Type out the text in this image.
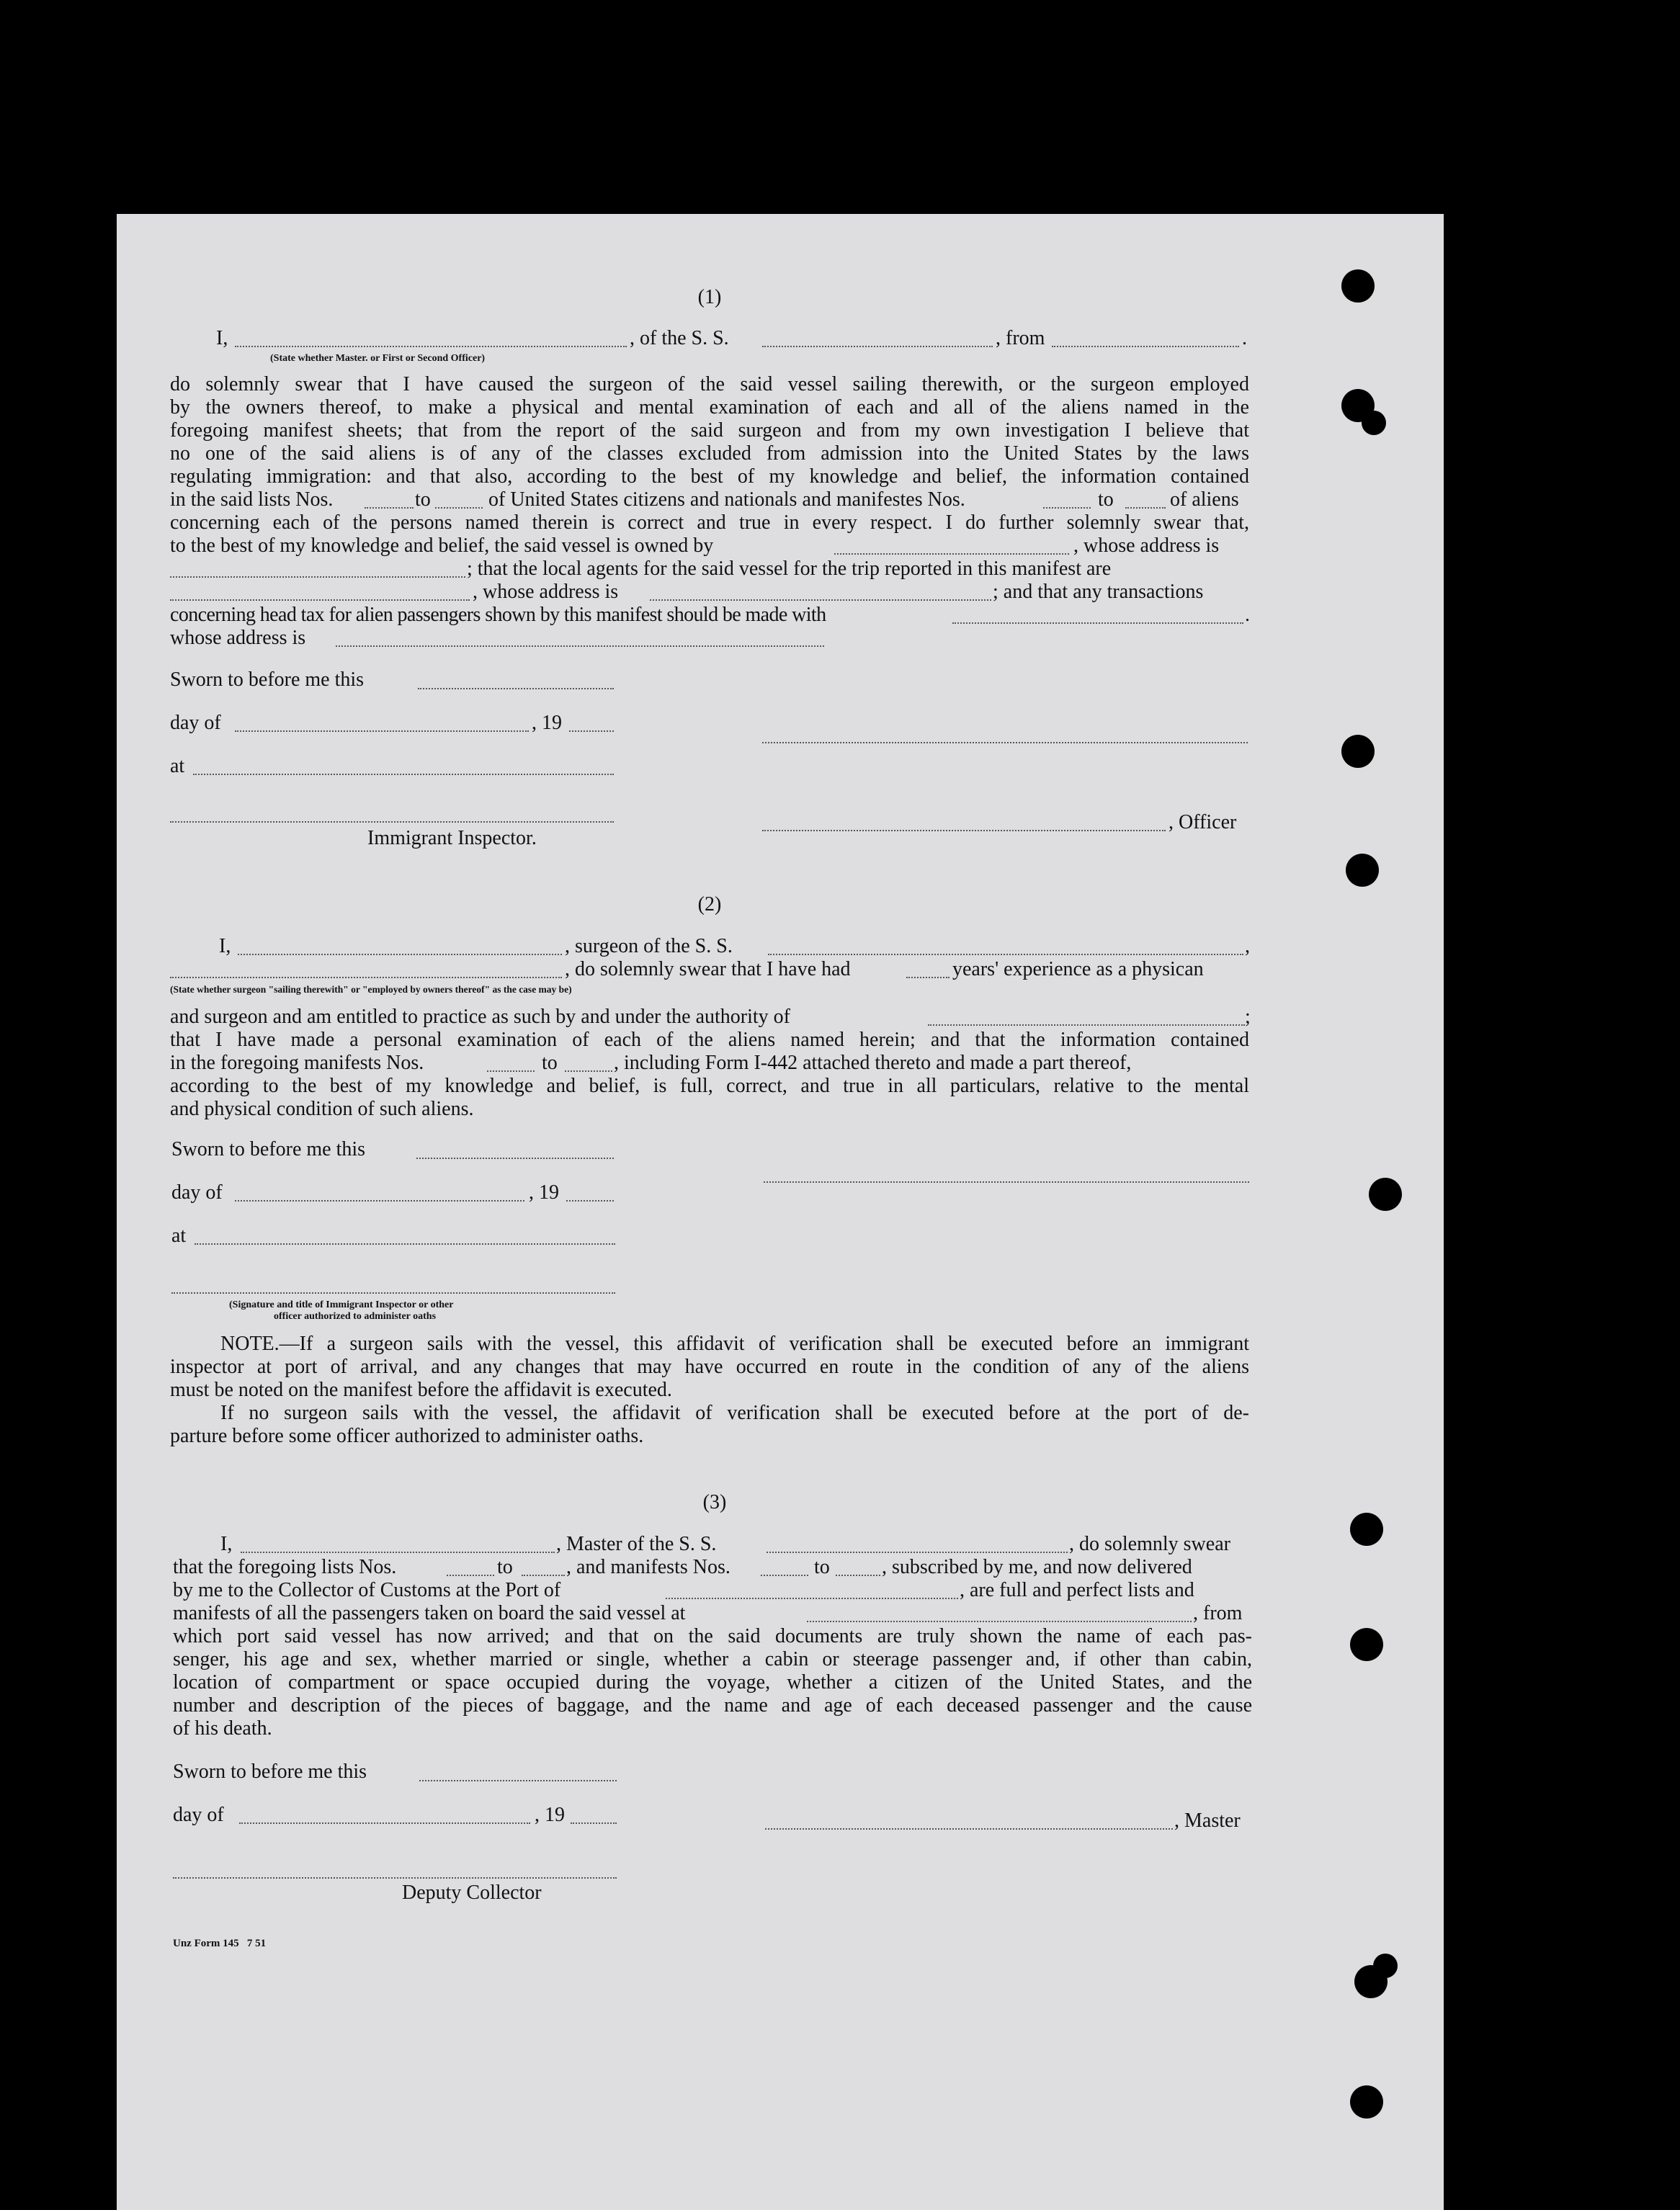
(1)
I,	, of the S. S.	, from	.
(State whether Master. or First or Second Officer)
do solemnly swear that I have caused the surgeon of the said vessel sailing therewith, or the surgeon employed
by the owners thereof, to make a physical and mental examination of each and all of the aliens named in the
foregoing manifest sheets; that from the report of the said surgeon and from my own investigation I believe that
no one of the said aliens is of any of the classes excluded from admission into the United States by the laws
regulating immigration: and that also, according to the best of my knowledge and belief, the information contained
in the said lists Nos.	to	of United States citizens and nationals and manifestes Nos.	to	of aliens
concerning each of the persons named therein is correct and true in every respect. I do further solemnly swear that,
to the best of my knowledge and belief, the said vessel is owned by	, whose address is
; that the local agents for the said vessel for the trip reported in this manifest are
, whose address is	; and that any transactions
concerning head tax for alien passengers shown by this manifest should be made with	.
whose address is
Sworn to before me this
day of	, 19
at
, Officer
Immigrant Inspector.
(2)
I,	, surgeon of the S. S.	,
, do solemnly swear that I have had	years' experience as a physican
(State whether surgeon "sailing therewith" or "employed by owners thereof" as the case may be)
and surgeon and am entitled to practice as such by and under the authority of	;
that I have made a personal examination of each of the aliens named herein; and that the information contained
in the foregoing manifests Nos.	to	, including Form I-442 attached thereto and made a part thereof,
according to the best of my knowledge and belief, is full, correct, and true in all particulars, relative to the mental
and physical condition of such aliens.
Sworn to before me this
day of	, 19
at
(Signature and title of Immigrant Inspector or other
officer authorized to administer oaths
NOTE.—If a surgeon sails with the vessel, this affidavit of verification shall be executed before an immigrant
inspector at port of arrival, and any changes that may have occurred en route in the condition of any of the aliens
must be noted on the manifest before the affidavit is executed.
If no surgeon sails with the vessel, the affidavit of verification shall be executed before at the port of de-
parture before some officer authorized to administer oaths.
(3)
I,	, Master of the S. S.	, do solemnly swear
that the foregoing lists Nos.	to	, and manifests Nos.	to	, subscribed by me, and now delivered
by me to the Collector of Customs at the Port of	, are full and perfect lists and
manifests of all the passengers taken on board the said vessel at	, from
which port said vessel has now arrived; and that on the said documents are truly shown the name of each pas-
senger, his age and sex, whether married or single, whether a cabin or steerage passenger and, if other than cabin,
location of compartment or space occupied during the voyage, whether a citizen of the United States, and the
number and description of the pieces of baggage, and the name and age of each deceased passenger and the cause
of his death.
Sworn to before me this
day of	, 19	, Master
Deputy Collector
Unz Form 145   7 51
